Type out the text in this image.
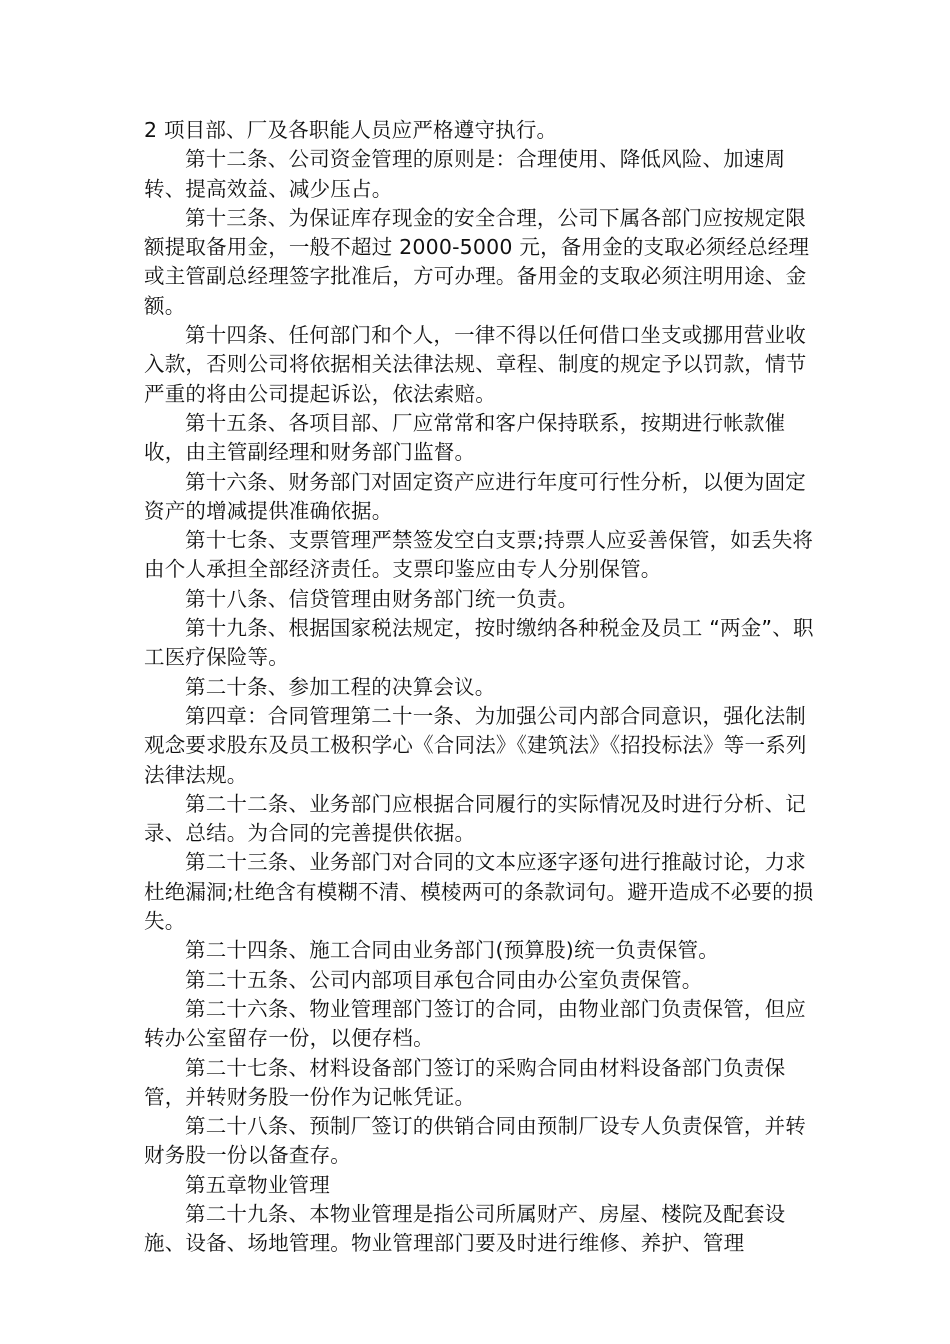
2 项目部、厂及各职能人员应严格遵守执行。

第十二条、公司资金管理的原则是：合理使用、降低风险、加速周转、提高效益、减少压占。

第十三条、为保证库存现金的安全合理，公司下属各部门应按规定限额提取备用金，一般不超过 2000-5000 元，备用金的支取必须经总经理或主管副总经理签字批准后，方可办理。备用金的支取必须注明用途、金额。

第十四条、任何部门和个人，一律不得以任何借口坐支或挪用营业收入款，否则公司将依据相关法律法规、章程、制度的规定予以罚款，情节严重的将由公司提起诉讼，依法索赔。

第十五条、各项目部、厂应常常和客户保持联系，按期进行帐款催收，由主管副经理和财务部门监督。

第十六条、财务部门对固定资产应进行年度可行性分析，以便为固定资产的增减提供准确依据。

第十七条、支票管理严禁签发空白支票;持票人应妥善保管，如丢失将由个人承担全部经济责任。支票印鉴应由专人分别保管。

第十八条、信贷管理由财务部门统一负责。

第十九条、根据国家税法规定，按时缴纳各种税金及员工 “两金”、职工医疗保险等。

第二十条、参加工程的决算会议。

第四章：合同管理第二十一条、为加强公司内部合同意识，强化法制观念要求股东及员工极积学心《合同法》《建筑法》《招投标法》等一系列法律法规。

第二十二条、业务部门应根据合同履行的实际情况及时进行分析、记录、总结。为合同的完善提供依据。

第二十三条、业务部门对合同的文本应逐字逐句进行推敲讨论，力求杜绝漏洞;杜绝含有模糊不清、模棱两可的条款词句。避开造成不必要的损失。

第二十四条、施工合同由业务部门(预算股)统一负责保管。

第二十五条、公司内部项目承包合同由办公室负责保管。

第二十六条、物业管理部门签订的合同，由物业部门负责保管，但应转办公室留存一份，以便存档。

第二十七条、材料设备部门签订的采购合同由材料设备部门负责保管，并转财务股一份作为记帐凭证。

第二十八条、预制厂签订的供销合同由预制厂设专人负责保管，并转财务股一份以备查存。

第五章物业管理

第二十九条、本物业管理是指公司所属财产、房屋、楼院及配套设施、设备、场地管理。物业管理部门要及时进行维修、养护、管理
